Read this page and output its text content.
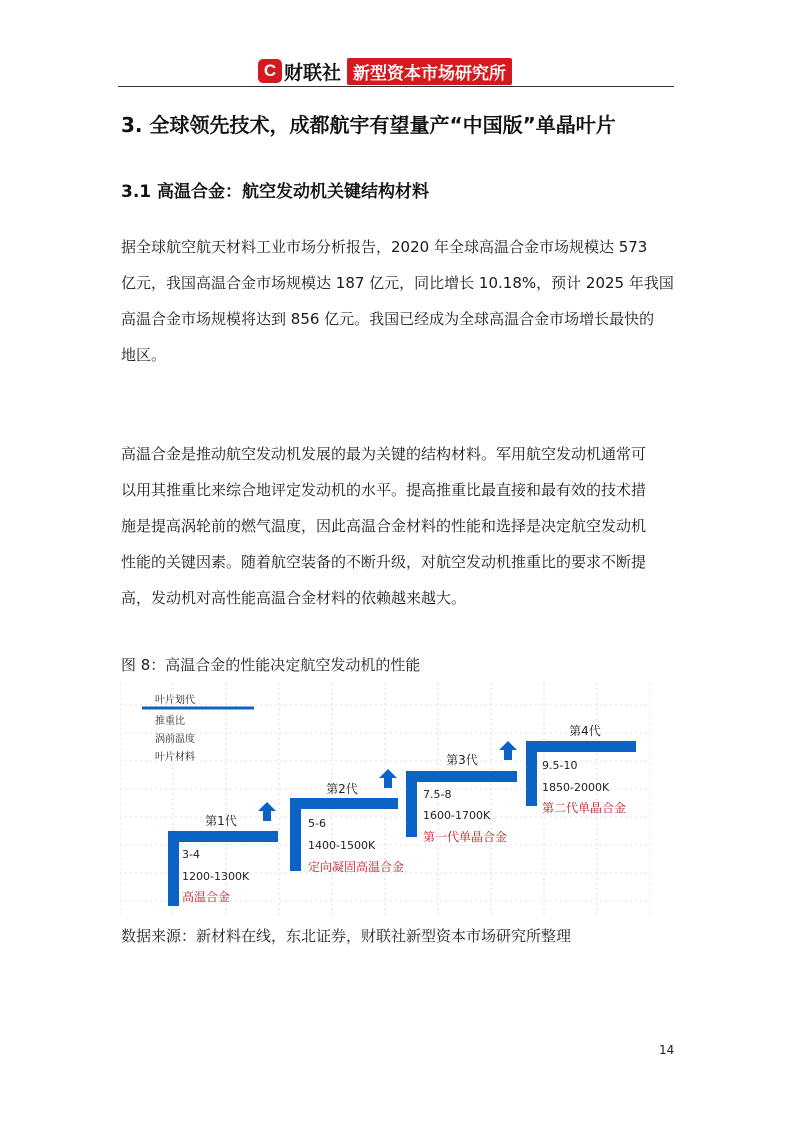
C 财联社 新型资本市场研究所
3. 全球领先技术，成都航宇有望量产“中国版”单晶叶片
3.1 高温合金：航空发动机关键结构材料
据全球航空航天材料工业市场分析报告，2020 年全球高温合金市场规模达 573
亿元，我国高温合金市场规模达 187 亿元，同比增长 10.18%，预计 2025 年我国
高温合金市场规模将达到 856 亿元。我国已经成为全球高温合金市场增长最快的
地区。
高温合金是推动航空发动机发展的最为关键的结构材料。军用航空发动机通常可
以用其推重比来综合地评定发动机的水平。提高推重比最直接和最有效的技术措
施是提高涡轮前的燃气温度，因此高温合金材料的性能和选择是决定航空发动机
性能的关键因素。随着航空装备的不断升级，对航空发动机推重比的要求不断提
高，发动机对高性能高温合金材料的依赖越来越大。
图 8：高温合金的性能决定航空发动机的性能
叶片划代
推重比
涡前温度
叶片材料
第1代
3-4
1200-1300K
高温合金
第2代
5-6
1400-1500K
定向凝固高温合金
第3代
7.5-8
1600-1700K
第一代单晶合金
第4代
9.5-10
1850-2000K
第二代单晶合金
数据来源：新材料在线，东北证券，财联社新型资本市场研究所整理
14
